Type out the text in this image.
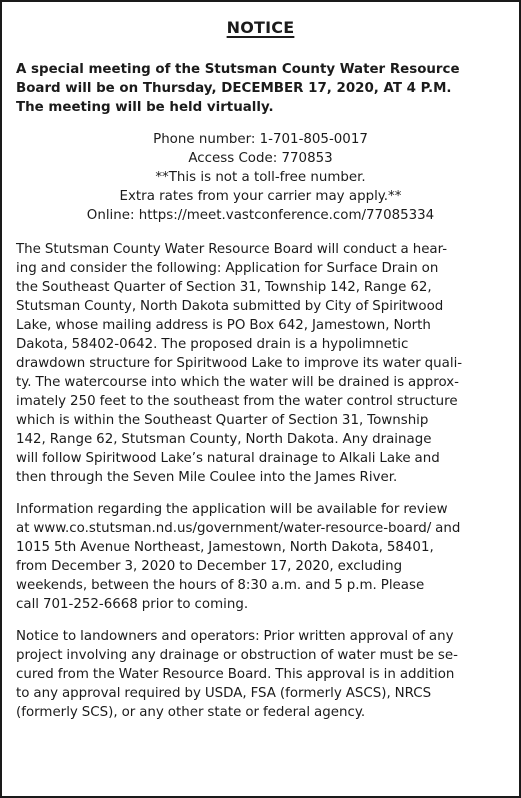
NOTICE
A special meeting of the Stutsman County Water Resource
Board will be on Thursday, DECEMBER 17, 2020, AT 4 P.M.
The meeting will be held virtually.
Phone number: 1-701-805-0017
Access Code: 770853
**This is not a toll-free number.
Extra rates from your carrier may apply.**
Online: https://meet.vastconference.com/77085334
The Stutsman County Water Resource Board will conduct a hear-
ing and consider the following: Application for Surface Drain on
the Southeast Quarter of Section 31, Township 142, Range 62,
Stutsman County, North Dakota submitted by City of Spiritwood
Lake, whose mailing address is PO Box 642, Jamestown, North
Dakota, 58402-0642. The proposed drain is a hypolimnetic
drawdown structure for Spiritwood Lake to improve its water quali-
ty. The watercourse into which the water will be drained is approx-
imately 250 feet to the southeast from the water control structure
which is within the Southeast Quarter of Section 31, Township
142, Range 62, Stutsman County, North Dakota. Any drainage
will follow Spiritwood Lake’s natural drainage to Alkali Lake and
then through the Seven Mile Coulee into the James River.
Information regarding the application will be available for review
at www.co.stutsman.nd.us/government/water-resource-board/ and
1015 5th Avenue Northeast, Jamestown, North Dakota, 58401,
from December 3, 2020 to December 17, 2020, excluding
weekends, between the hours of 8:30 a.m. and 5 p.m. Please
call 701-252-6668 prior to coming.
Notice to landowners and operators: Prior written approval of any
project involving any drainage or obstruction of water must be se-
cured from the Water Resource Board. This approval is in addition
to any approval required by USDA, FSA (formerly ASCS), NRCS
(formerly SCS), or any other state or federal agency.
